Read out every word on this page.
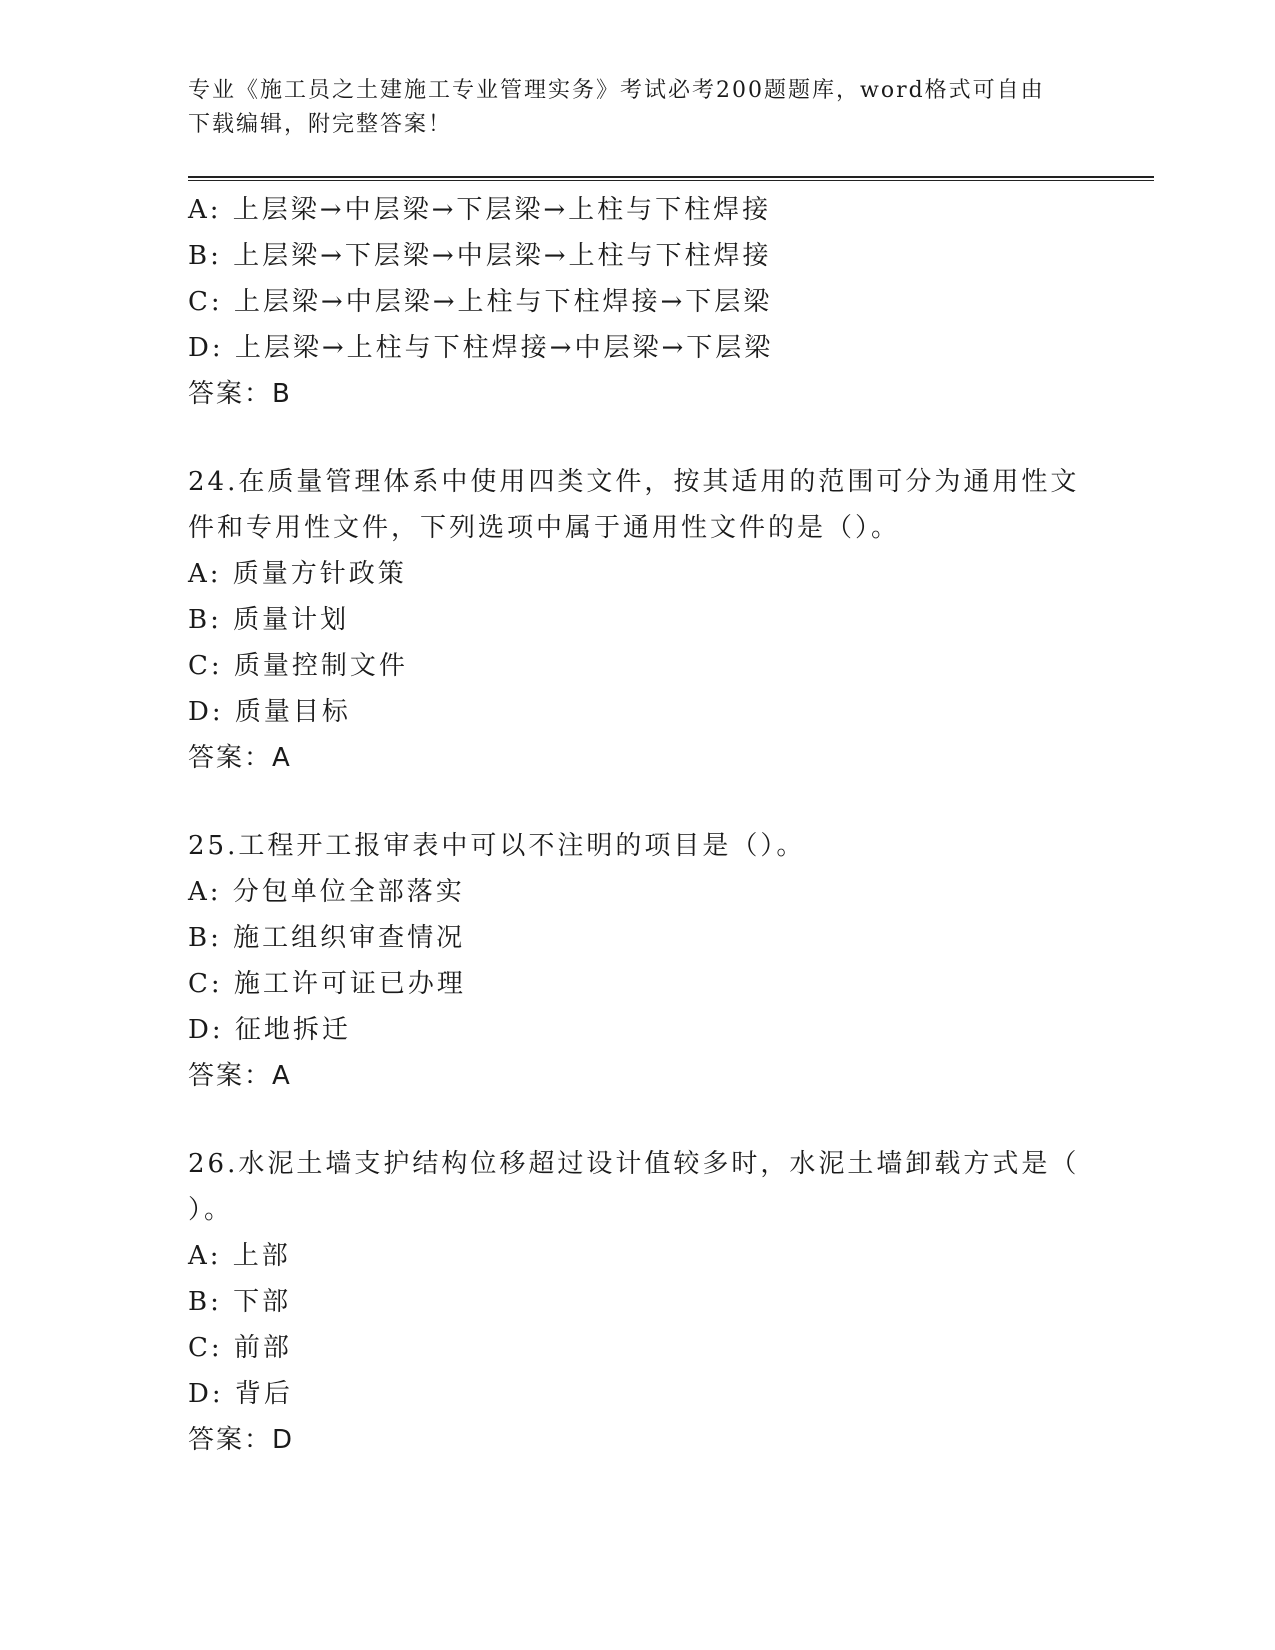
专业《施工员之土建施工专业管理实务》考试必考200题题库，word格式可自由
下载编辑，附完整答案！
A: 上层梁→中层梁→下层梁→上柱与下柱焊接
B: 上层梁→下层梁→中层梁→上柱与下柱焊接
C: 上层梁→中层梁→上柱与下柱焊接→下层梁
D: 上层梁→上柱与下柱焊接→中层梁→下层梁
答案：B
24.在质量管理体系中使用四类文件，按其适用的范围可分为通用性文
件和专用性文件，下列选项中属于通用性文件的是（）。
A: 质量方针政策
B: 质量计划
C: 质量控制文件
D: 质量目标
答案：A
25.工程开工报审表中可以不注明的项目是（）。
A: 分包单位全部落实
B: 施工组织审查情况
C: 施工许可证已办理
D: 征地拆迁
答案：A
26.水泥土墙支护结构位移超过设计值较多时，水泥土墙卸载方式是（
）。
A: 上部
B: 下部
C: 前部
D: 背后
答案：D
